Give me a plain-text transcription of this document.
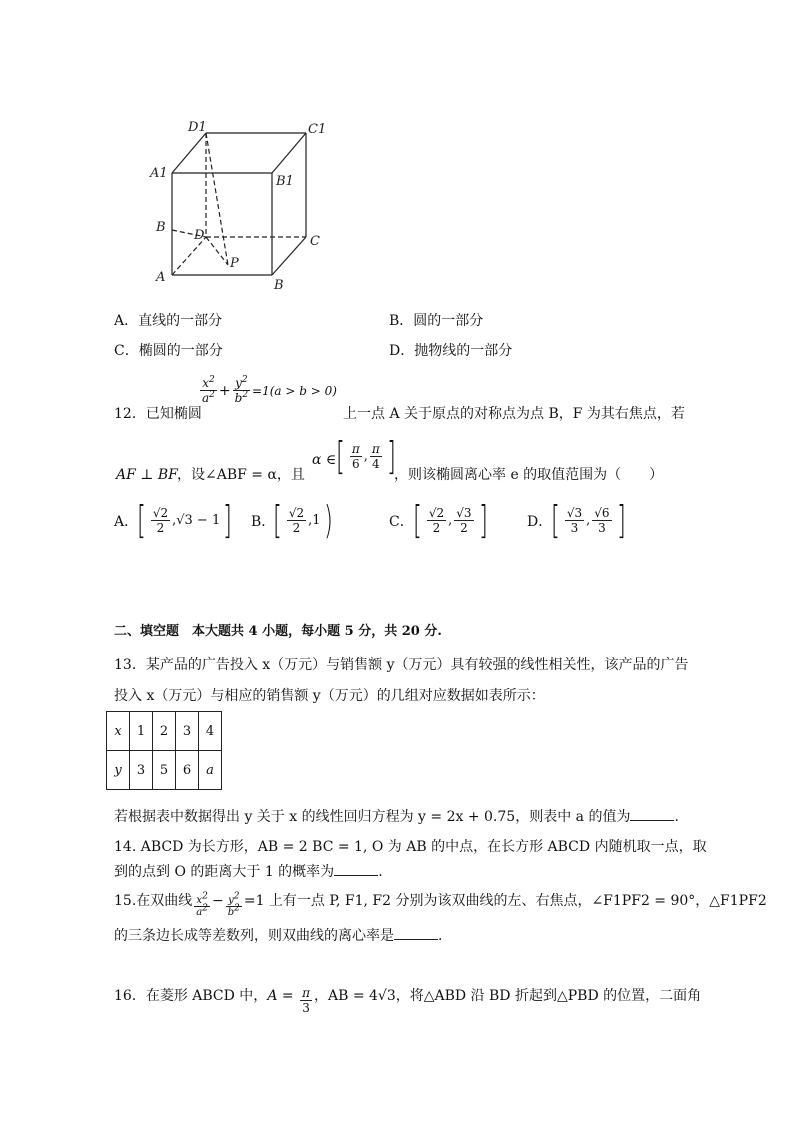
D1	C1
A1
B1
B
D
P
C
A
B
A．直线的一部分	B．圆的一部分
C．椭圆的一部分	D．抛物线的一部分
12．已知椭圆
$\frac{x^2}{a^2} + \frac{y^2}{b^2} =1(a > b > 0)$
上一点 A 关于原点的对称点为点 B，F 为其右焦点，若
AF ⊥ BF ，设∠ABF = α，且
α ∈ [ $\frac{\pi}{6}$ , $\frac{\pi}{4}$ ]
，则该椭圆离心率 e 的取值范围为（　　）
A．
[ $\frac{√2}{2} ,√3 - 1$ ] B．
[ $\frac{√2}{2} ,1$ )	C． [ $\frac{√2}{2}$ , $\frac{√3}{2}$ ]	D．
[ $\frac{√3}{3}$ , $\frac{√6}{3}$ ]
二、填空题　本大题共 4 小题，每小题 5 分，共 20 分.
13．某产品的广告投入 x（万元）与销售额 y（万元）具有较强的线性相关性，该产品的广告
投入 x（万元）与相应的销售额 y（万元）的几组对应数据如表所示：
x	1	2	3	4
y	3	5	6	a
若根据表中数据得出 y 关于 x 的线性回归方程为 y = 2x + 0.75，则表中 a 的值为	.
14. ABCD 为长方形，AB = 2 BC = 1, O 为 AB 的中点，在长方形 ABCD 内随机取一点，取
到的点到 O 的距离大于 1 的概率为	.
15.在双曲线 $\frac{x2}{a2} - \frac{y2}{b2} =1$ 上有一点 P, F1, F2 分别为该双曲线的左、右焦点，∠F1PF2 = 90°，△F1PF2
的三条边长成等差数列，则双曲线的离心率是	.
16．在菱形 ABCD 中，$A = \frac{\pi}{3}$ ，AB = 4√3，将△ABD 沿 BD 折起到△PBD 的位置，二面角
